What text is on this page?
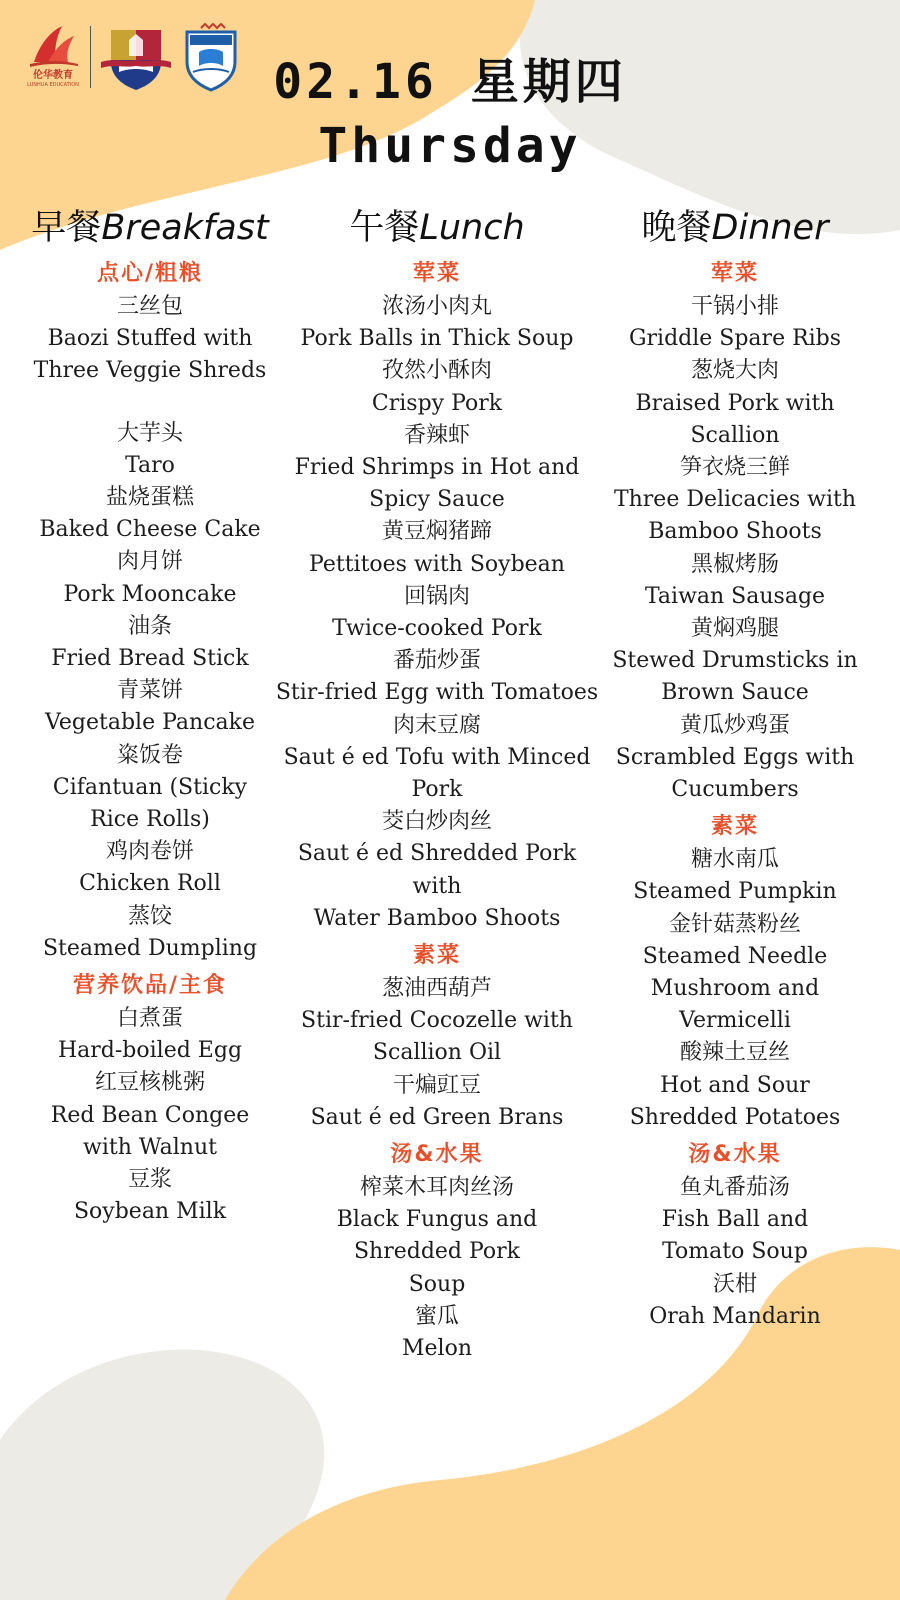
伦华教育
LUNHUA EDUCATION	02.16 星期四
Thursday
早餐Breakfast
点心/粗粮
三丝包
Baozi Stuffed with
Three Veggie Shreds
大芋头
Taro
盐烧蛋糕
Baked Cheese Cake
肉月饼
Pork Mooncake
油条
Fried Bread Stick
青菜饼
Vegetable Pancake
粢饭卷
Cifantuan (Sticky
Rice Rolls)
鸡肉卷饼
Chicken Roll
蒸饺
Steamed Dumpling
营养饮品/主食
白煮蛋
Hard-boiled Egg
红豆核桃粥
Red Bean Congee
with Walnut
豆浆
Soybean Milk
午餐Lunch
荤菜
浓汤小肉丸
Pork Balls in Thick Soup
孜然小酥肉
Crispy Pork
香辣虾
Fried Shrimps in Hot and
Spicy Sauce
黄豆焖猪蹄
Pettitoes with Soybean
回锅肉
Twice-cooked Pork
番茄炒蛋
Stir-fried Egg with Tomatoes
肉末豆腐
Saut é ed Tofu with Minced
Pork
茭白炒肉丝
Saut é ed Shredded Pork with
Water Bamboo Shoots
素菜
葱油西葫芦
Stir-fried Cocozelle with
Scallion Oil
干煸豇豆
Saut é ed Green Brans
汤&水果
榨菜木耳肉丝汤
Black Fungus and
Shredded Pork
Soup
蜜瓜
Melon
晚餐Dinner
荤菜
干锅小排
Griddle Spare Ribs
葱烧大肉
Braised Pork with
Scallion
笋衣烧三鲜
Three Delicacies with
Bamboo Shoots
黑椒烤肠
Taiwan Sausage
黄焖鸡腿
Stewed Drumsticks in
Brown Sauce
黄瓜炒鸡蛋
Scrambled Eggs with
Cucumbers
素菜
糖水南瓜
Steamed Pumpkin
金针菇蒸粉丝
Steamed Needle
Mushroom and
Vermicelli
酸辣土豆丝
Hot and Sour
Shredded Potatoes
汤&水果
鱼丸番茄汤
Fish Ball and
Tomato Soup
沃柑
Orah Mandarin
